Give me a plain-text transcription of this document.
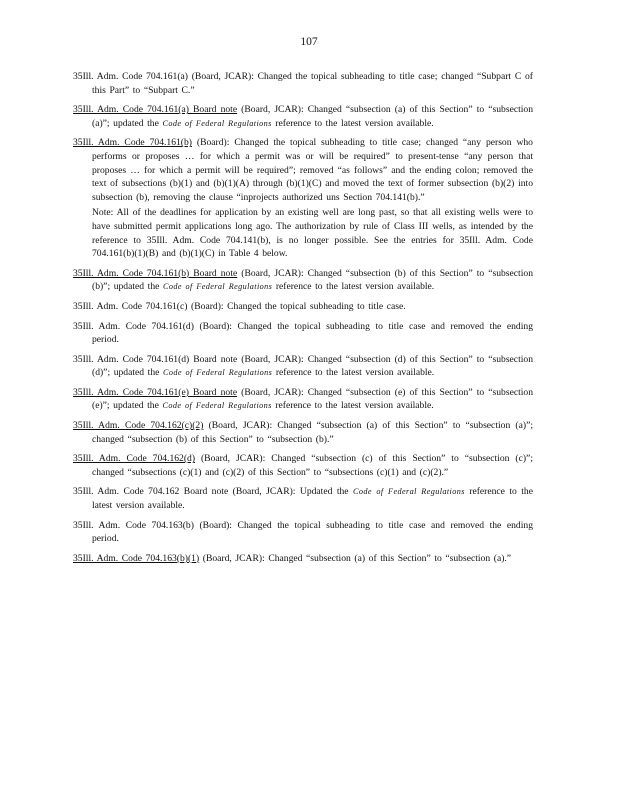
107

35Ill. Adm. Code 704.161(a) (Board, JCAR): Changed the topical subheading to title case; changed “Subpart C of this Part” to “Subpart C.”

35Ill. Adm. Code 704.161(a) Board note (Board, JCAR): Changed “subsection (a) of this Section” to “subsection (a)”; updated the Code of Federal Regulations reference to the latest version available.

35Ill. Adm. Code 704.161(b) (Board): Changed the topical subheading to title case; changed “any person who performs or proposes … for which a permit was or will be required” to present-tense “any person that proposes … for which a permit will be required”; removed “as follows” and the ending colon; removed the text of subsections (b)(1) and (b)(1)(A) through (b)(1)(C) and moved the text of former subsection (b)(2) into subsection (b), removing the clause “inprojects authorized uns Section 704.141(b).”

Note: All of the deadlines for application by an existing well are long past, so that all existing wells were to have submitted permit applications long ago. The authorization by rule of Class III wells, as intended by the reference to 35Ill. Adm. Code 704.141(b), is no longer possible. See the entries for 35Ill. Adm. Code 704.161(b)(1)(B) and (b)(1)(C) in Table 4 below.

35Ill. Adm. Code 704.161(b) Board note (Board, JCAR): Changed “subsection (b) of this Section” to “subsection (b)”; updated the Code of Federal Regulations reference to the latest version available.

35Ill. Adm. Code 704.161(c) (Board): Changed the topical subheading to title case.

35Ill. Adm. Code 704.161(d) (Board): Changed the topical subheading to title case and removed the ending period.

35Ill. Adm. Code 704.161(d) Board note (Board, JCAR): Changed “subsection (d) of this Section” to “subsection (d)”; updated the Code of Federal Regulations reference to the latest version available.

35Ill. Adm. Code 704.161(e) Board note (Board, JCAR): Changed “subsection (e) of this Section” to “subsection (e)”; updated the Code of Federal Regulations reference to the latest version available.

35Ill. Adm. Code 704.162(c)(2) (Board, JCAR): Changed “subsection (a) of this Section” to “subsection (a)”; changed “subsection (b) of this Section” to “subsection (b).”

35Ill. Adm. Code 704.162(d) (Board, JCAR): Changed “subsection (c) of this Section” to “subsection (c)”; changed “subsections (c)(1) and (c)(2) of this Section” to “subsections (c)(1) and (c)(2).”

35Ill. Adm. Code 704.162 Board note (Board, JCAR): Updated the Code of Federal Regulations reference to the latest version available.

35Ill. Adm. Code 704.163(b) (Board): Changed the topical subheading to title case and removed the ending period.

35Ill. Adm. Code 704.163(b)(1) (Board, JCAR): Changed “subsection (a) of this Section” to “subsection (a).”
